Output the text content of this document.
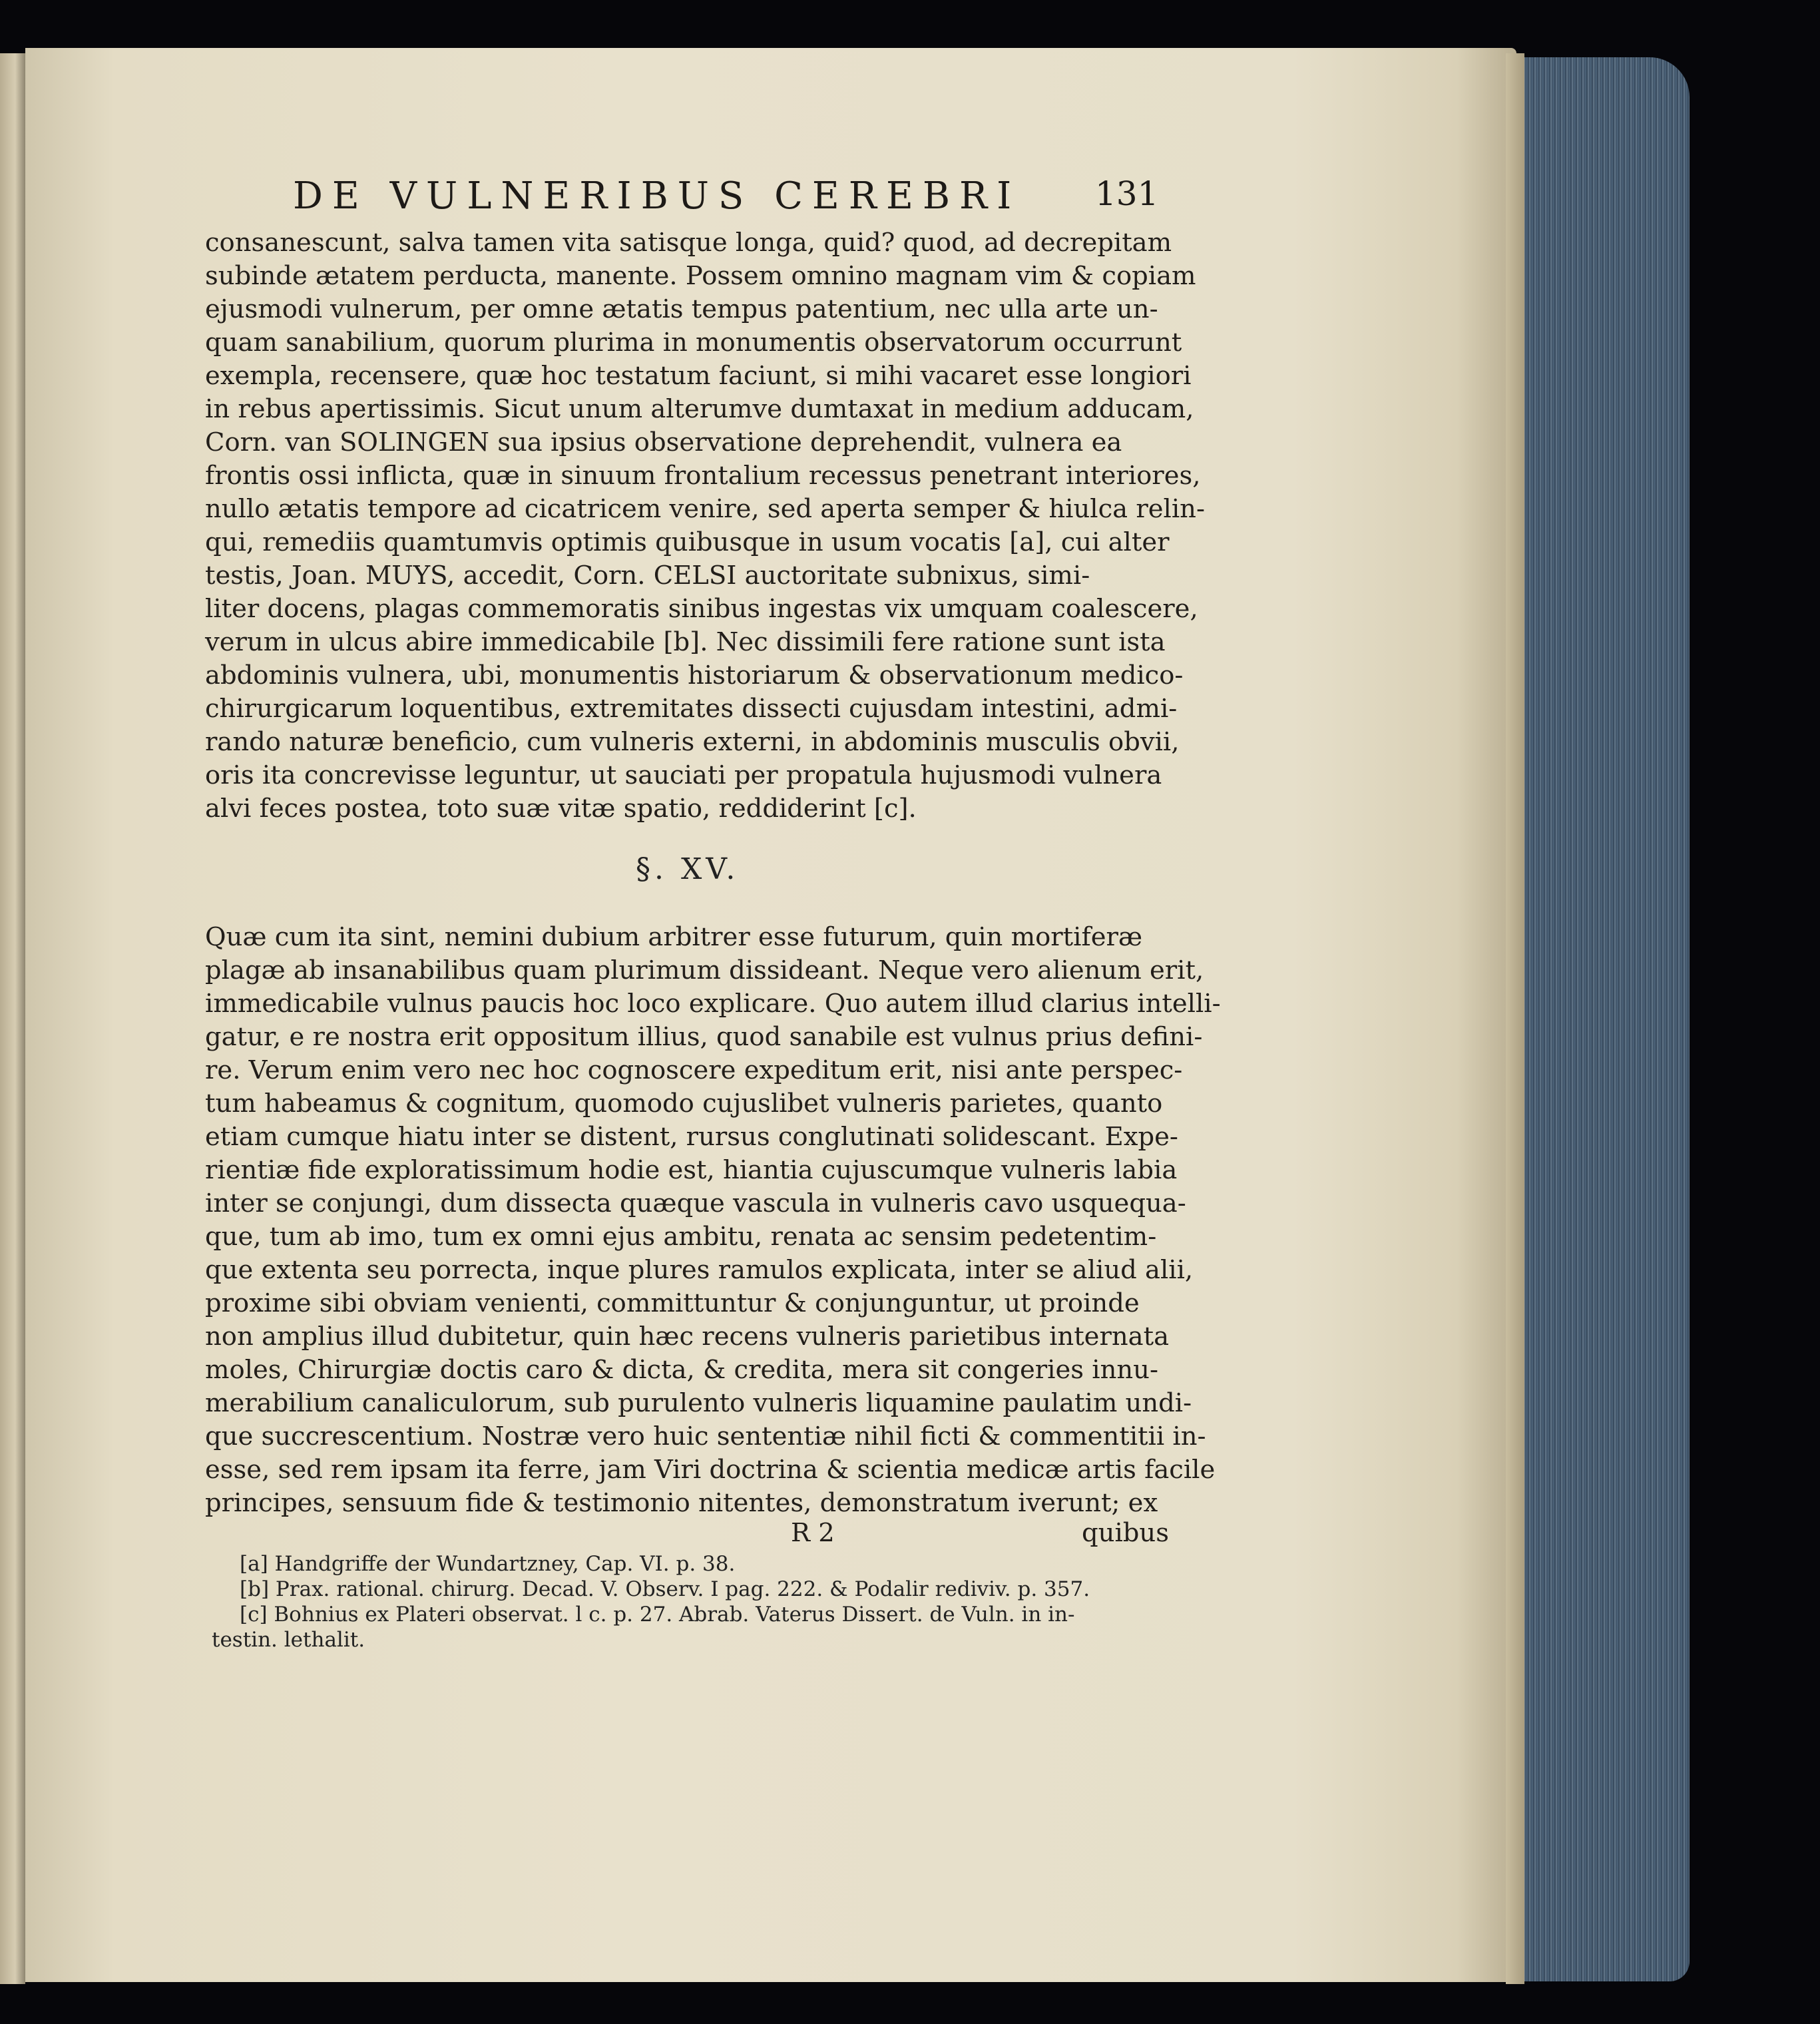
DE VULNERIBUS CEREBRI	131
consanescunt, salva tamen vita satisque longa, quid? quod, ad decrepitam
subinde ætatem perducta, manente. Possem omnino magnam vim & copiam
ejusmodi vulnerum, per omne ætatis tempus patentium, nec ulla arte un-
quam sanabilium, quorum plurima in monumentis observatorum occurrunt
exempla, recensere, quæ hoc testatum faciunt, si mihi vacaret esse longiori
in rebus apertissimis. Sicut unum alterumve dumtaxat in medium adducam,
Corn. van SOLINGEN sua ipsius observatione deprehendit, vulnera ea
frontis ossi inflicta, quæ in sinuum frontalium recessus penetrant interiores,
nullo ætatis tempore ad cicatricem venire, sed aperta semper & hiulca relin-
qui, remediis quamtumvis optimis quibusque in usum vocatis [a], cui alter
testis, Joan. MUYS, accedit, Corn. CELSI auctoritate subnixus, simi-
liter docens, plagas commemoratis sinibus ingestas vix umquam coalescere,
verum in ulcus abire immedicabile [b]. Nec dissimili fere ratione sunt ista
abdominis vulnera, ubi, monumentis historiarum & observationum medico-
chirurgicarum loquentibus, extremitates dissecti cujusdam intestini, admi-
rando naturæ beneficio, cum vulneris externi, in abdominis musculis obvii,
oris ita concrevisse leguntur, ut sauciati per propatula hujusmodi vulnera
alvi feces postea, toto suæ vitæ spatio, reddiderint [c].
§. XV.
Quæ cum ita sint, nemini dubium arbitrer esse futurum, quin mortiferæ
plagæ ab insanabilibus quam plurimum dissideant. Neque vero alienum erit,
immedicabile vulnus paucis hoc loco explicare. Quo autem illud clarius intelli-
gatur, e re nostra erit oppositum illius, quod sanabile est vulnus prius defini-
re. Verum enim vero nec hoc cognoscere expeditum erit, nisi ante perspec-
tum habeamus & cognitum, quomodo cujuslibet vulneris parietes, quanto
etiam cumque hiatu inter se distent, rursus conglutinati solidescant. Expe-
rientiæ fide exploratissimum hodie est, hiantia cujuscumque vulneris labia
inter se conjungi, dum dissecta quæque vascula in vulneris cavo usquequa-
que, tum ab imo, tum ex omni ejus ambitu, renata ac sensim pedetentim-
que extenta seu porrecta, inque plures ramulos explicata, inter se aliud alii,
proxime sibi obviam venienti, committuntur & conjunguntur, ut proinde
non amplius illud dubitetur, quin hæc recens vulneris parietibus internata
moles, Chirurgiæ doctis caro & dicta, & credita, mera sit congeries innu-
merabilium canaliculorum, sub purulento vulneris liquamine paulatim undi-
que succrescentium. Nostræ vero huic sententiæ nihil ficti & commentitii in-
esse, sed rem ipsam ita ferre, jam Viri doctrina & scientia medicæ artis facile
principes, sensuum fide & testimonio nitentes, demonstratum iverunt; ex
R 2	quibus
[a] Handgriffe der Wundartzney, Cap. VI. p. 38.
[b] Prax. rational. chirurg. Decad. V. Observ. I pag. 222. & Podalir rediviv. p. 357.
[c] Bohnius ex Plateri observat. l c. p. 27. Abrab. Vaterus Dissert. de Vuln. in in-
testin. lethalit.
